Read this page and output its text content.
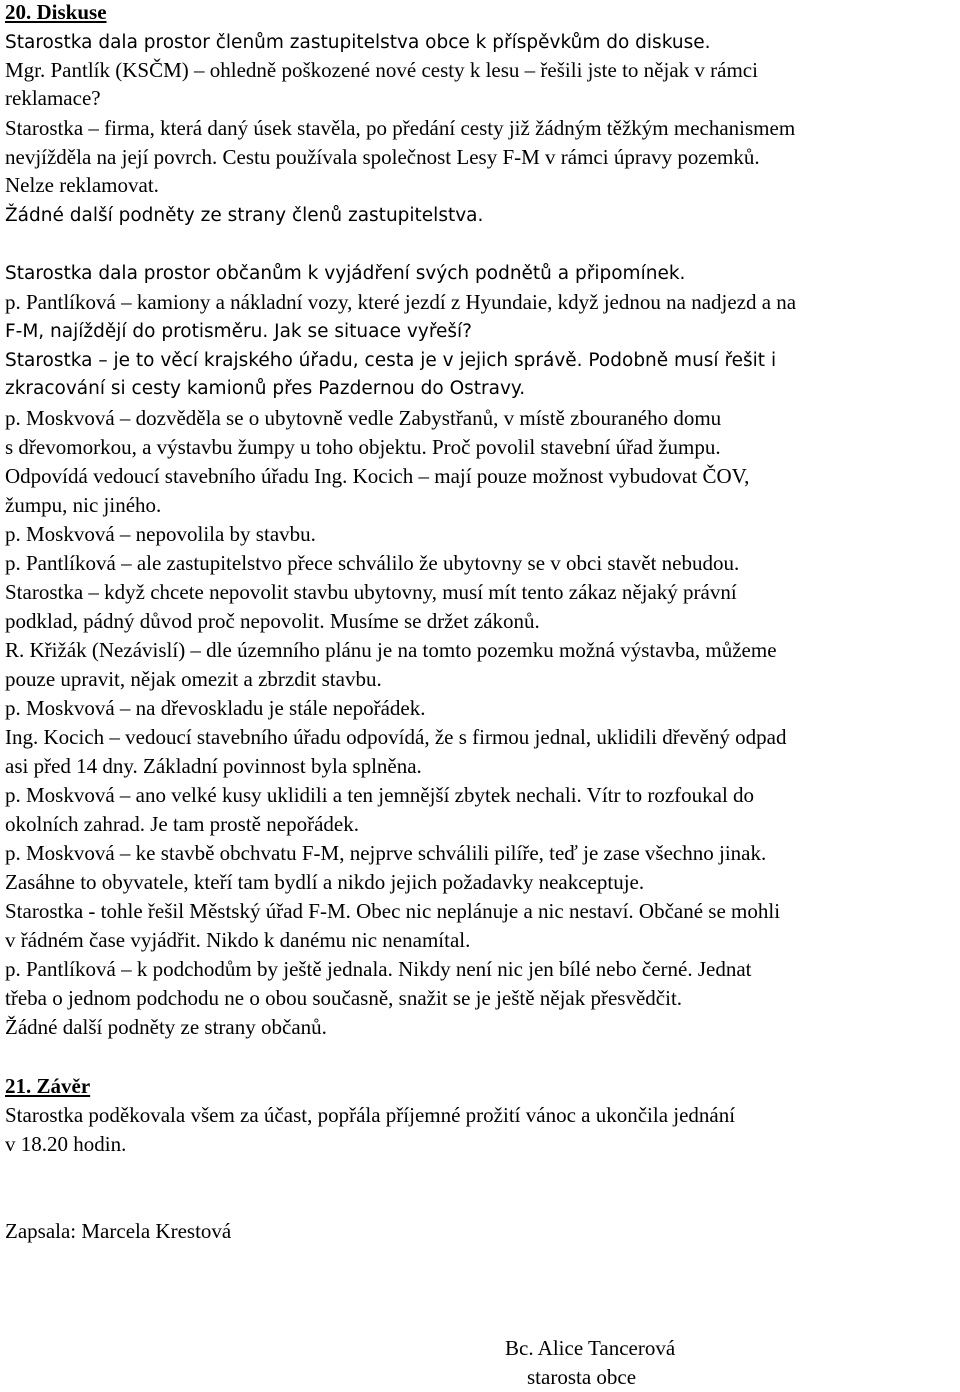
20. Diskuse
Starostka dala prostor členům zastupitelstva obce k příspěvkům do diskuse.
Mgr. Pantlík (KSČM) – ohledně poškozené nové cesty k lesu – řešili jste to nějak v rámci
reklamace?
Starostka – firma, která daný úsek stavěla, po předání cesty již žádným těžkým mechanismem
nevjížděla na její povrch. Cestu používala společnost Lesy F-M v rámci úpravy pozemků.
Nelze reklamovat.
Žádné další podněty ze strany členů zastupitelstva.
Starostka dala prostor občanům k vyjádření svých podnětů a připomínek.
p. Pantlíková – kamiony a nákladní vozy, které jezdí z Hyundaie, když jednou na nadjezd a na
F-M, najíždějí do protisměru. Jak se situace vyřeší?
Starostka – je to věcí krajského úřadu, cesta je v jejich správě. Podobně musí řešit i
zkracování si cesty kamionů přes Pazdernou do Ostravy.
p. Moskvová – dozvěděla se o ubytovně vedle Zabystřanů, v místě zbouraného domu
s dřevomorkou, a výstavbu žumpy u toho objektu. Proč povolil stavební úřad žumpu.
Odpovídá vedoucí stavebního úřadu Ing. Kocich – mají pouze možnost vybudovat ČOV,
žumpu, nic jiného.
p. Moskvová – nepovolila by stavbu.
p. Pantlíková – ale zastupitelstvo přece schválilo že ubytovny se v obci stavět nebudou.
Starostka – když chcete nepovolit stavbu ubytovny, musí mít tento zákaz nějaký právní
podklad, pádný důvod proč nepovolit. Musíme se držet zákonů.
R. Křižák (Nezávislí) – dle územního plánu je na tomto pozemku možná výstavba, můžeme
pouze upravit, nějak omezit a zbrzdit stavbu.
p. Moskvová – na dřevoskladu je stále nepořádek.
Ing. Kocich – vedoucí stavebního úřadu odpovídá, že s firmou jednal, uklidili dřevěný odpad
asi před 14 dny. Základní povinnost byla splněna.
p. Moskvová – ano velké kusy uklidili a ten jemnější zbytek nechali. Vítr to rozfoukal do
okolních zahrad. Je tam prostě nepořádek.
p. Moskvová – ke stavbě obchvatu F-M, nejprve schválili pilíře, teď je zase všechno jinak.
Zasáhne to obyvatele, kteří tam bydlí a nikdo jejich požadavky neakceptuje.
Starostka - tohle řešil Městský úřad F-M. Obec nic neplánuje a nic nestaví. Občané se mohli
v řádném čase vyjádřit. Nikdo k danému nic nenamítal.
p. Pantlíková – k podchodům by ještě jednala. Nikdy není nic jen bílé nebo černé. Jednat
třeba o jednom podchodu ne o obou současně, snažit se je ještě nějak přesvědčit.
Žádné další podněty ze strany občanů.
21. Závěr
Starostka poděkovala všem za účast, popřála příjemné prožití vánoc a ukončila jednání
v 18.20 hodin.
Zapsala: Marcela Krestová
Bc. Alice Tancerová
starosta obce
